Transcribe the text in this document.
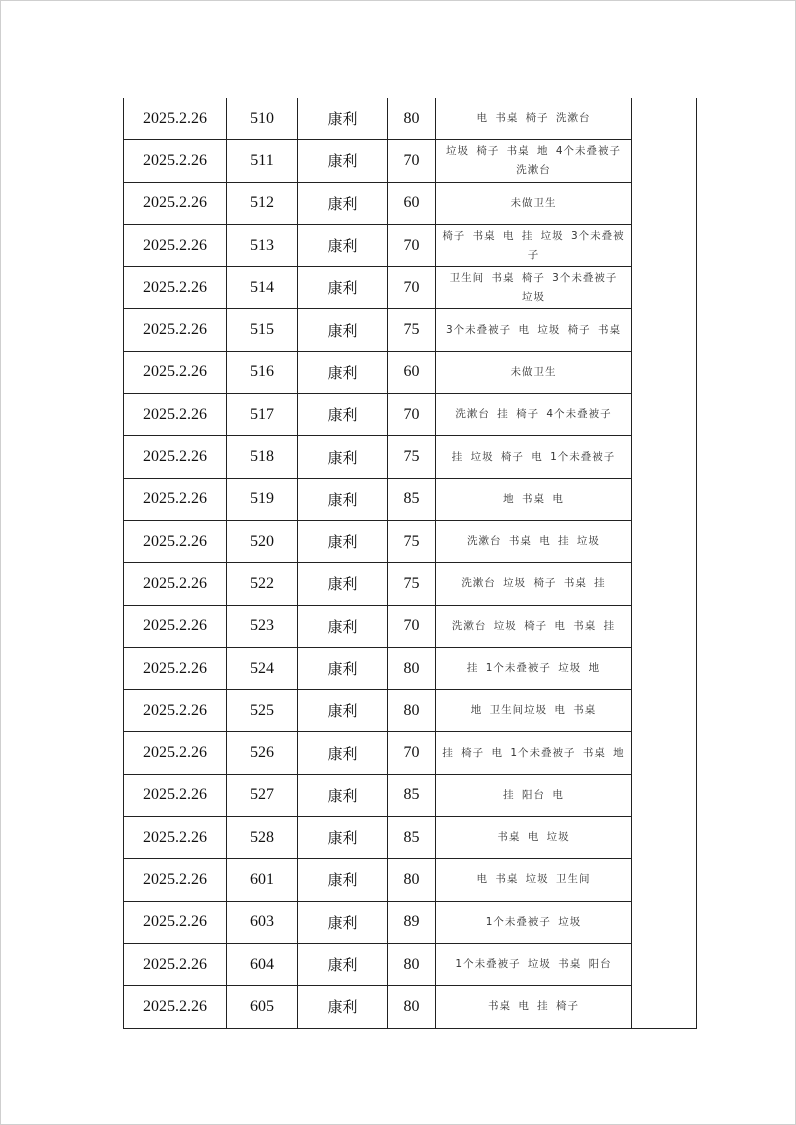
2025.2.26	510	康利	80	电 书桌 椅子 洗漱台	
2025.2.26	511	康利	70	垃圾 椅子 书桌 地 4个未叠被子 洗漱台	
2025.2.26	512	康利	60	未做卫生	
2025.2.26	513	康利	70	椅子 书桌 电 挂 垃圾 3个未叠被子	
2025.2.26	514	康利	70	卫生间 书桌 椅子 3个未叠被子 垃圾	
2025.2.26	515	康利	75	3个未叠被子 电 垃圾 椅子 书桌	
2025.2.26	516	康利	60	未做卫生	
2025.2.26	517	康利	70	洗漱台 挂 椅子 4个未叠被子	
2025.2.26	518	康利	75	挂 垃圾 椅子 电 1个未叠被子	
2025.2.26	519	康利	85	地 书桌 电	
2025.2.26	520	康利	75	洗漱台 书桌 电 挂 垃圾	
2025.2.26	522	康利	75	洗漱台 垃圾 椅子 书桌 挂	
2025.2.26	523	康利	70	洗漱台 垃圾 椅子 电 书桌 挂	
2025.2.26	524	康利	80	挂 1个未叠被子 垃圾 地	
2025.2.26	525	康利	80	地 卫生间垃圾 电 书桌	
2025.2.26	526	康利	70	挂 椅子 电 1个未叠被子 书桌 地	
2025.2.26	527	康利	85	挂 阳台 电	
2025.2.26	528	康利	85	书桌 电 垃圾	
2025.2.26	601	康利	80	电 书桌 垃圾 卫生间	
2025.2.26	603	康利	89	1个未叠被子 垃圾	
2025.2.26	604	康利	80	1个未叠被子 垃圾 书桌 阳台	
2025.2.26	605	康利	80	书桌 电 挂 椅子	
